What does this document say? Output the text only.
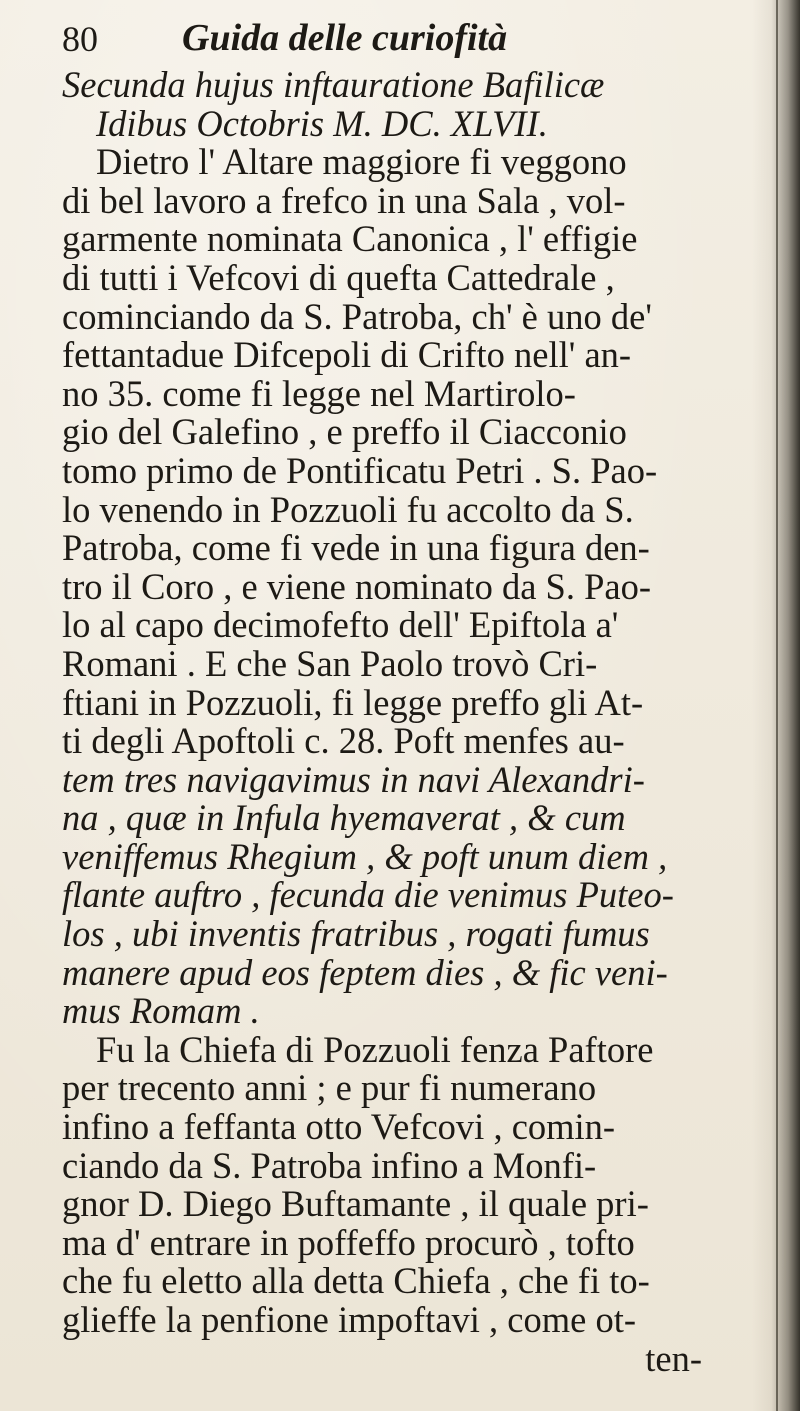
80 Guida delle curiofità
Secunda hujus inftaurationе Bafilicæ
Idibus Octobris M. DC. XLVII.
Dietro l' Altare maggiore fi veggono
di bel lavoro a frefco in una Sala , vol-
garmente nominata Canonica , l' effigie
di tutti i Vefcovi di quefta Cattedrale ,
cominciando da S. Patroba, ch' è uno de'
fettantadue Difcepoli di Crifto nell' an-
no 35. come fi legge nel Martirolo-
gio del Galefino , e preffo il Ciacconio
tomo primo de Pontificatu Petri . S. Pao-
lo venendo in Pozzuoli fu accolto da S.
Patroba, come fi vede in una figura den-
tro il Coro , e viene nominato da S. Pao-
lo al capo decimofefto dell' Epiftola a'
Romani . E che San Paolo trovò Cri-
ftiani in Pozzuoli, fi legge preffo gli At-
ti degli Apoftoli c. 28. Poft menfes au-
tem tres navigavimus in navi Alexandri-
na , quæ in Infula hyemaverat , & cum
veniffemus Rhegium , & poft unum diem ,
flante auftro , fecunda die venimus Puteo-
los , ubi inventis fratribus , rogati fumus
manere apud eos feptem dies , & fic veni-
mus Romam .
Fu la Chiefa di Pozzuoli fenza Paftore
per trecento anni ; e pur fi numerano
infino a feffanta otto Vefcovi , comin-
ciando da S. Patroba infino a Monfi-
gnor D. Diego Buftamante , il quale pri-
ma d' entrare in poffeffo procurò , tofto
che fu eletto alla detta Chiefa , che fi to-
glieffe la penfione impoftavi , come ot-
ten-
